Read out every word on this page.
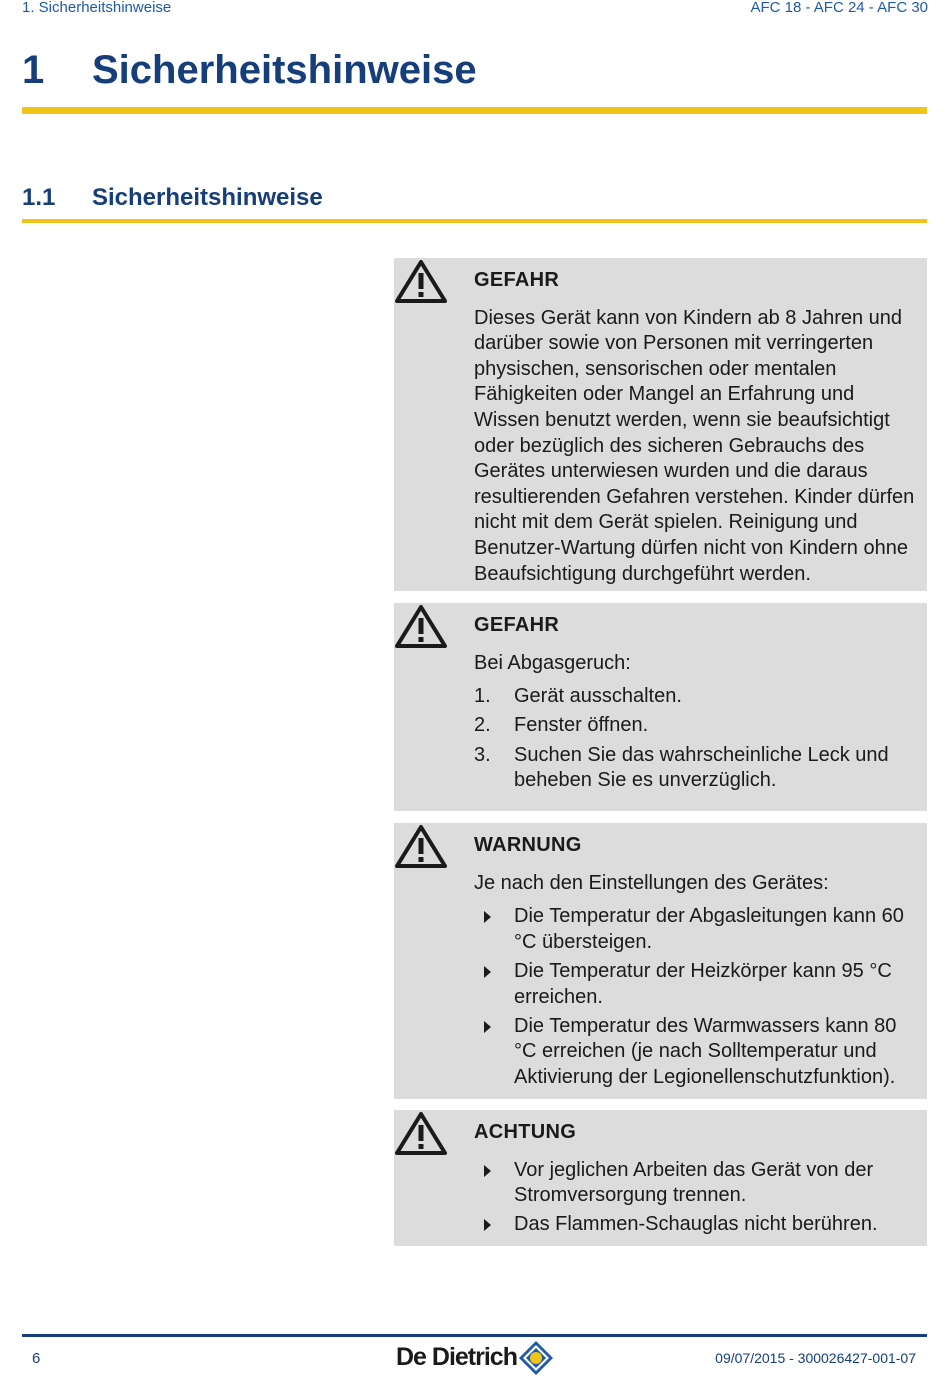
1. Sicherheitshinweise	AFC 18 - AFC 24 - AFC 30
1 Sicherheitshinweise
1.1 Sicherheitshinweise
GEFAHR
Dieses Gerät kann von Kindern ab 8 Jahren und darüber sowie von Personen mit verringerten physischen, sensorischen oder mentalen Fähigkeiten oder Mangel an Erfahrung und Wissen benutzt werden, wenn sie beaufsichtigt oder bezüglich des sicheren Gebrauchs des Gerätes unterwiesen wurden und die daraus resultierenden Gefahren verstehen. Kinder dürfen nicht mit dem Gerät spielen. Reinigung und Benutzer-Wartung dürfen nicht von Kindern ohne Beaufsichtigung durchgeführt werden.
GEFAHR
Bei Abgasgeruch:
1. Gerät ausschalten.
2. Fenster öffnen.
3. Suchen Sie das wahrscheinliche Leck und beheben Sie es unverzüglich.
WARNUNG
Je nach den Einstellungen des Gerätes:
Die Temperatur der Abgasleitungen kann 60 °C übersteigen.
Die Temperatur der Heizkörper kann 95 °C erreichen.
Die Temperatur des Warmwassers kann 80 °C erreichen (je nach Solltemperatur und Aktivierung der Legionellenschutzfunktion).
ACHTUNG
Vor jeglichen Arbeiten das Gerät von der Stromversorgung trennen.
Das Flammen-Schauglas nicht berühren.
6	De Dietrich	09/07/2015 - 300026427-001-07
